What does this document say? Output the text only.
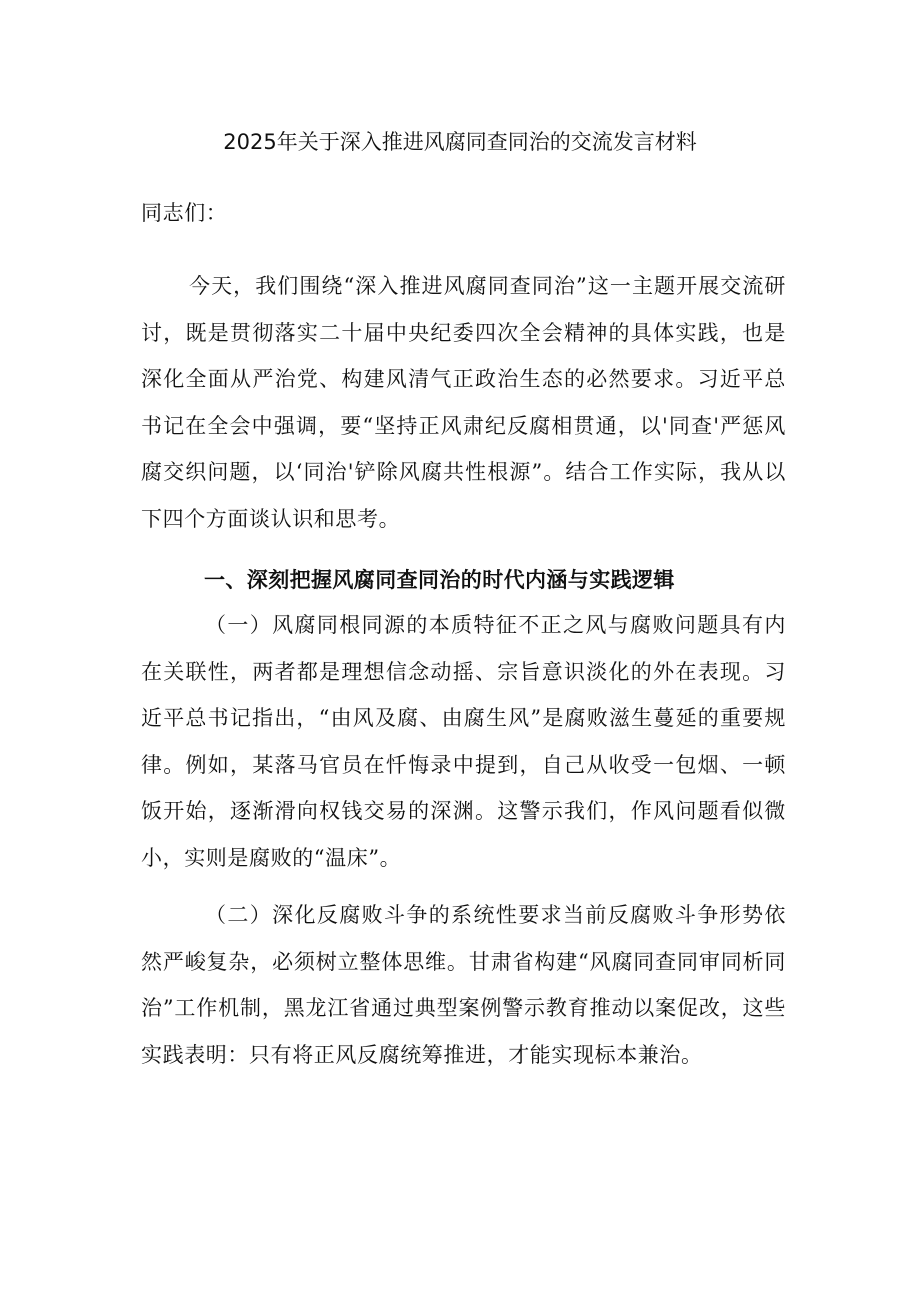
2025年关于深入推进风腐同查同治的交流发言材料

同志们：

今天，我们围绕“深入推进风腐同查同治”这一主题开展交流研讨，既是贯彻落实二十届中央纪委四次全会精神的具体实践，也是深化全面从严治党、构建风清气正政治生态的必然要求。习近平总书记在全会中强调，要“坚持正风肃纪反腐相贯通，以'同查'严惩风腐交织问题，以‘同治'铲除风腐共性根源”。结合工作实际，我从以下四个方面谈认识和思考。

一、深刻把握风腐同查同治的时代内涵与实践逻辑

（一）风腐同根同源的本质特征不正之风与腐败问题具有内在关联性，两者都是理想信念动摇、宗旨意识淡化的外在表现。习近平总书记指出，“由风及腐、由腐生风”是腐败滋生蔓延的重要规律。例如，某落马官员在忏悔录中提到，自己从收受一包烟、一顿饭开始，逐渐滑向权钱交易的深渊。这警示我们，作风问题看似微小，实则是腐败的“温床”。

（二）深化反腐败斗争的系统性要求当前反腐败斗争形势依然严峻复杂，必须树立整体思维。甘肃省构建“风腐同查同审同析同治”工作机制，黑龙江省通过典型案例警示教育推动以案促改，这些实践表明：只有将正风反腐统筹推进，才能实现标本兼治。
